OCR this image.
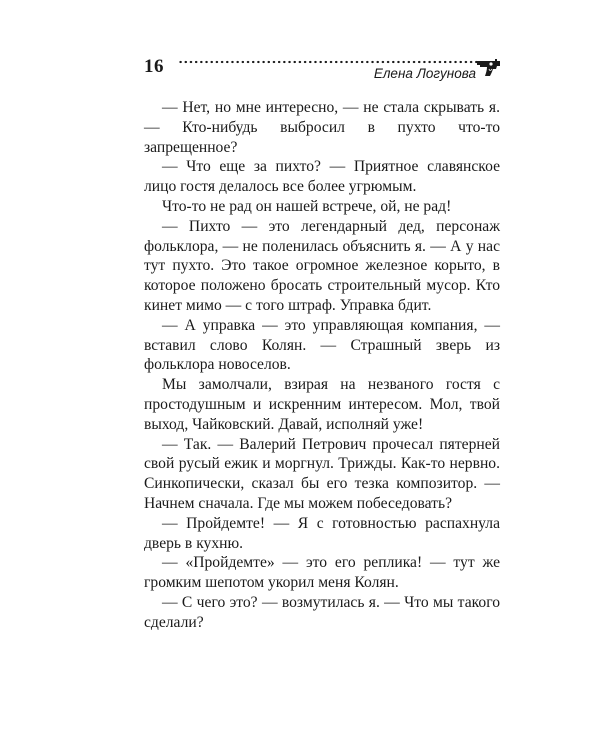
16	Елена Логунова

— Нет, но мне интересно, — не стала скрывать я. — Кто-нибудь выбросил в пухто что-то запрещенное?

— Что еще за пихто? — Приятное славянское лицо гостя делалось все более угрюмым.

Что-то не рад он нашей встрече, ой, не рад!

— Пихто — это легендарный дед, персонаж фольклора, — не поленилась объяснить я. — А у нас тут пухто. Это такое огромное железное корыто, в которое положено бросать строительный мусор. Кто кинет мимо — с того штраф. Управка бдит.

— А управка — это управляющая компания, — вставил слово Колян. — Страшный зверь из фольклора новоселов.

Мы замолчали, взирая на незваного гостя с простодушным и искренним интересом. Мол, твой выход, Чайковский. Давай, исполняй уже!

— Так. — Валерий Петрович прочесал пятерней свой русый ежик и моргнул. Трижды. Как-то нервно. Синкопически, сказал бы его тезка композитор. — Начнем сначала. Где мы можем побеседовать?

— Пройдемте! — Я с готовностью распахнула дверь в кухню.

— «Пройдемте» — это его реплика! — тут же громким шепотом укорил меня Колян.

— С чего это? — возмутилась я. — Что мы такого сделали?
